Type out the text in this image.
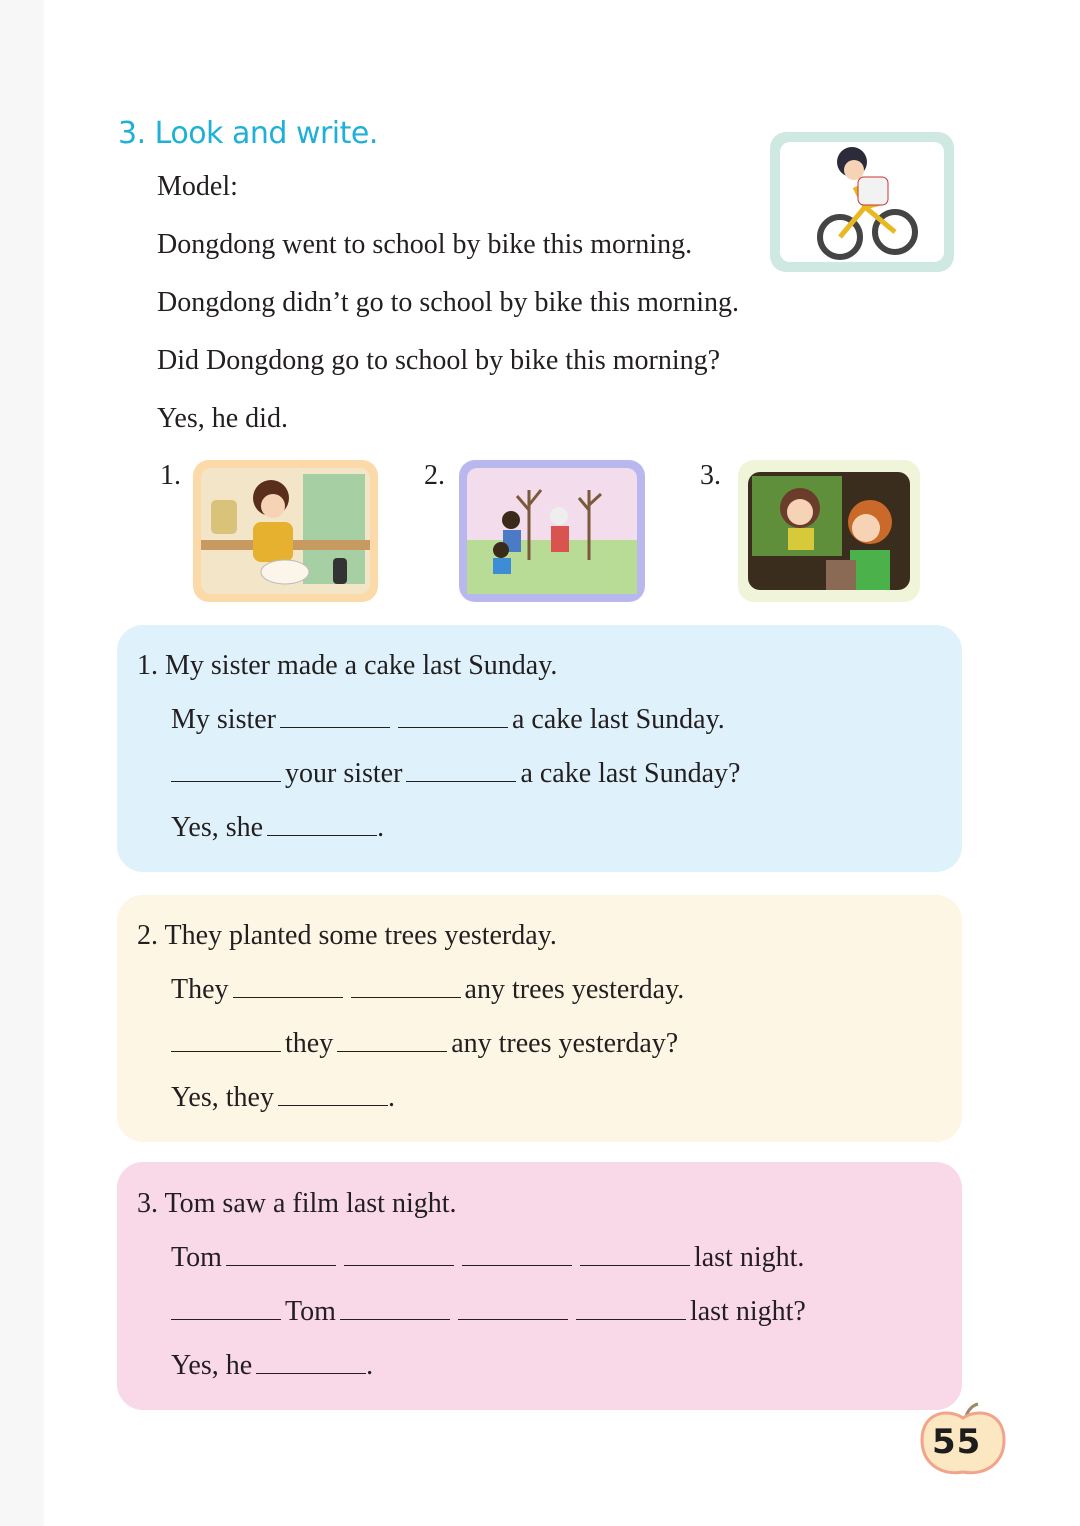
3. Look and write.
Model:
Dongdong went to school by bike this morning.
Dongdong didn’t go to school by bike this morning.
Did Dongdong go to school by bike this morning?
Yes, he did.
1.	2.	3.
1. My sister made a cake last Sunday.
My sister	a cake last Sunday.
your sister	a cake last Sunday?
Yes, she	.
2. They planted some trees yesterday.
They	any trees yesterday.
they	any trees yesterday?
Yes, they	.
3. Tom saw a film last night.
Tom	last night.
Tom	last night?
Yes, he	.
55
